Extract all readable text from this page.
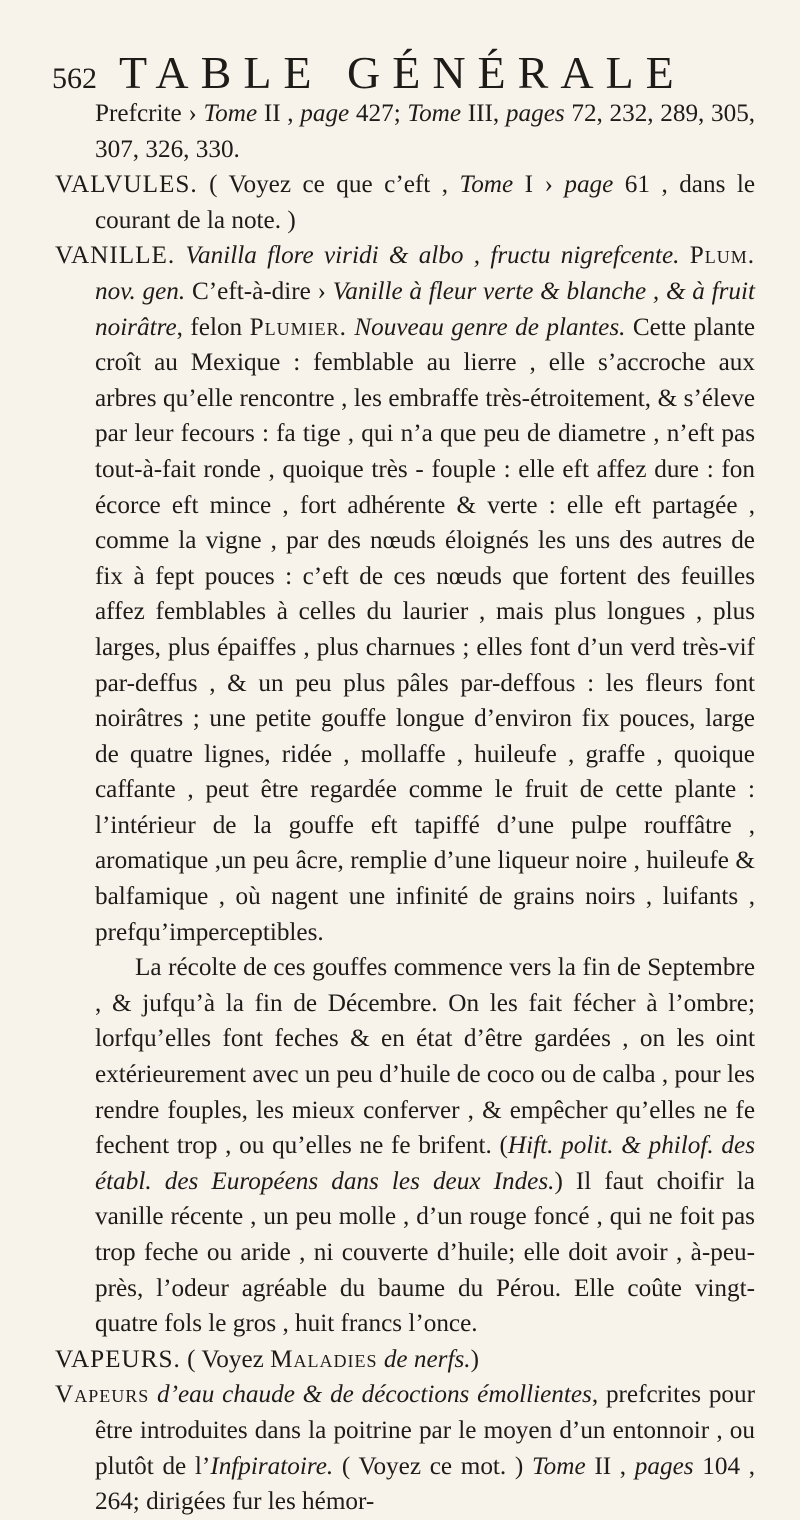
562 TABLE GÉNÉRALE

Prefcrite › Tome II , page 427; Tome III, pages 72, 232, 289, 305, 307, 326, 330.

VALVULES. ( Voyez ce que c’eft , Tome I › page 61 , dans le courant de la note. )

VANILLE. Vanilla flore viridi & albo , fructu nigrefcente. Plum. nov. gen. C’eft-à-dire › Vanille à fleur verte & blanche , & à fruit noirâtre, felon Plumier. Nouveau genre de plantes. Cette plante croît au Mexique : femblable au lierre , elle s’accroche aux arbres qu’elle rencontre , les embraffe très-étroitement, & s’éleve par leur fecours : fa tige , qui n’a que peu de diametre , n’eft pas tout-à-fait ronde , quoique très - fouple : elle eft affez dure : fon écorce eft mince , fort adhérente & verte : elle eft partagée , comme la vigne , par des nœuds éloignés les uns des autres de fix à fept pouces : c’eft de ces nœuds que fortent des feuilles affez femblables à celles du laurier , mais plus longues , plus larges, plus épaiffes , plus charnues ; elles font d’un verd très-vif par-deffus , & un peu plus pâles par-deffous : les fleurs font noirâtres ; une petite gouffe longue d’environ fix pouces, large de quatre lignes, ridée , mollaffe , huileufe , graffe , quoique caffante , peut être regardée comme le fruit de cette plante : l’intérieur de la gouffe eft tapiffé d’une pulpe rouffâtre , aromatique ,un peu âcre, remplie d’une liqueur noire , huileufe & balfamique , où nagent une infinité de grains noirs , luifants , prefqu’imperceptibles.
La récolte de ces gouffes commence vers la fin de Septembre , & jufqu’à la fin de Décembre. On les fait fécher à l’ombre; lorfqu’elles font feches & en état d’être gardées , on les oint extérieurement avec un peu d’huile de coco ou de calba , pour les rendre fouples, les mieux conferver , & empêcher qu’elles ne fe fechent trop , ou qu’elles ne fe brifent. (Hift. polit. & philof. des établ. des Européens dans les deux Indes.) Il faut choifir la vanille récente , un peu molle , d’un rouge foncé , qui ne foit pas trop feche ou aride , ni couverte d’huile; elle doit avoir , à-peu-près, l’odeur agréable du baume du Pérou. Elle coûte vingt-quatre fols le gros , huit francs l’once.

VAPEURS. ( Voyez Maladies de nerfs.)

Vapeurs d’eau chaude & de décoctions émollientes, prefcrites pour être introduites dans la poitrine par le moyen d’un entonnoir , ou plutôt de l’Infpiratoire. ( Voyez ce mot. ) Tome II , pages 104 , 264; dirigées fur les hémor-
